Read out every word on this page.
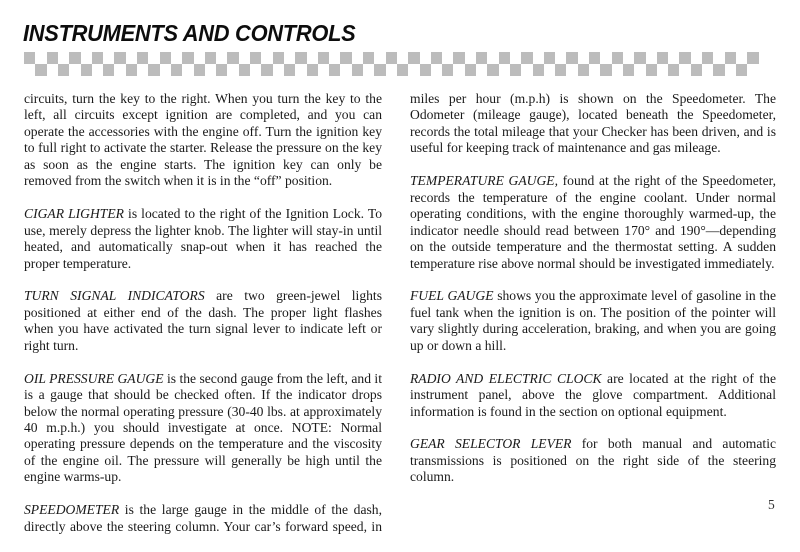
INSTRUMENTS AND CONTROLS

circuits, turn the key to the right. When you turn the key to the left, all circuits except ignition are completed, and you can operate the accessories with the engine off. Turn the ignition key to full right to activate the starter. Release the pressure on the key as soon as the engine starts. The ignition key can only be removed from the switch when it is in the “off” position.

CIGAR LIGHTER is located to the right of the Ignition Lock. To use, merely depress the lighter knob. The lighter will stay-in until heated, and automatically snap-out when it has reached the proper temperature.

TURN SIGNAL INDICATORS are two green-jewel lights positioned at either end of the dash. The proper light flashes when you have activated the turn signal lever to indicate left or right turn.

OIL PRESSURE GAUGE is the second gauge from the left, and it is a gauge that should be checked often. If the indicator drops below the normal operating pressure (30-40 lbs. at approximately 40 m.p.h.) you should investigate at once. NOTE: Normal operating pressure depends on the temperature and the viscosity of the engine oil. The pressure will generally be high until the engine warms-up.

SPEEDOMETER is the large gauge in the middle of the dash, directly above the steering column. Your car’s forward speed, in

miles per hour (m.p.h) is shown on the Speedometer. The Odometer (mileage gauge), located beneath the Speedometer, records the total mileage that your Checker has been driven, and is useful for keeping track of maintenance and gas mileage.

TEMPERATURE GAUGE, found at the right of the Speedometer, records the temperature of the engine coolant. Under normal operating conditions, with the engine thoroughly warmed-up, the indicator needle should read between 170° and 190°—depending on the outside temperature and the thermostat setting. A sudden temperature rise above normal should be investigated immediately.

FUEL GAUGE shows you the approximate level of gasoline in the fuel tank when the ignition is on. The position of the pointer will vary slightly during acceleration, braking, and when you are going up or down a hill.

RADIO AND ELECTRIC CLOCK are located at the right of the instrument panel, above the glove compartment. Additional information is found in the section on optional equipment.

GEAR SELECTOR LEVER for both manual and automatic transmissions is positioned on the right side of the steering column.

5
